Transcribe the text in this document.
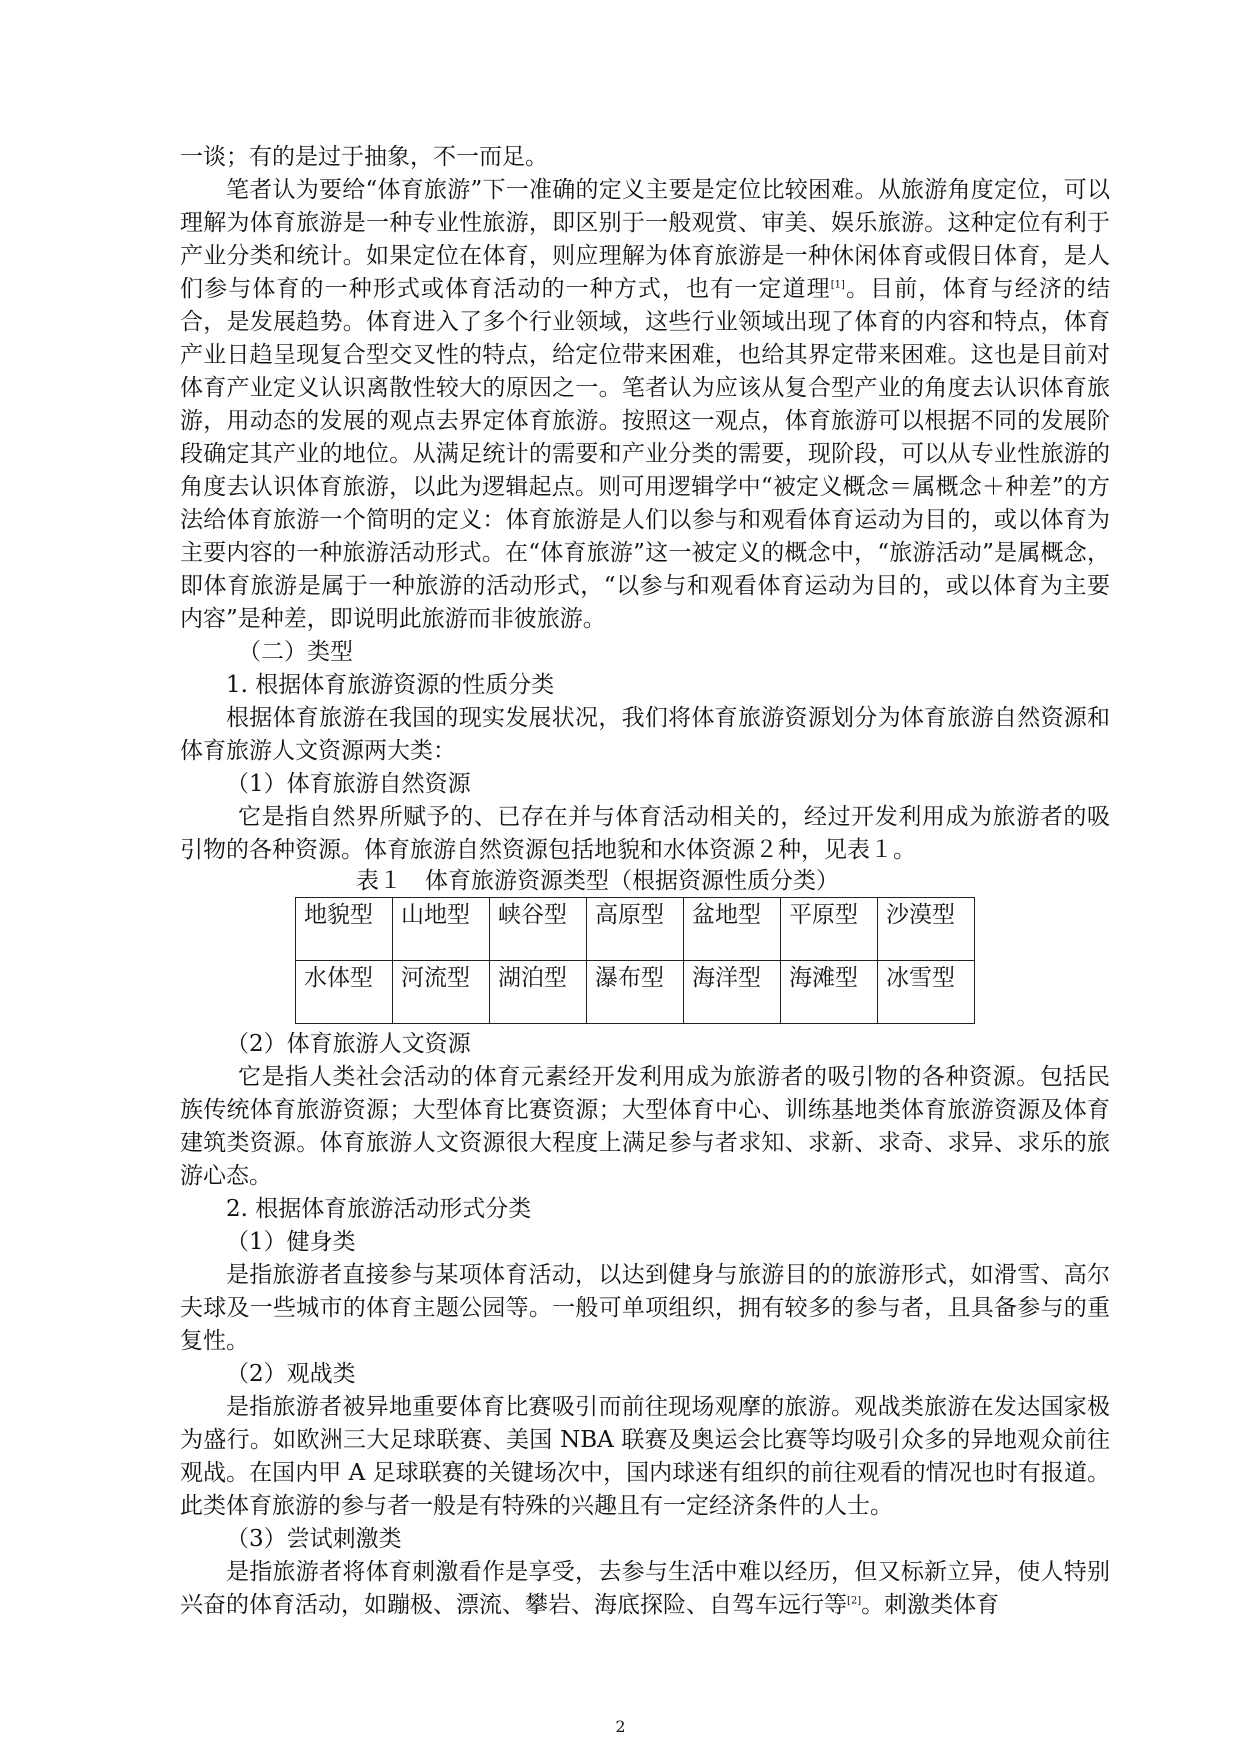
一谈；有的是过于抽象，不一而足。

笔者认为要给“体育旅游”下一准确的定义主要是定位比较困难。从旅游角度定位，可以理解为体育旅游是一种专业性旅游，即区别于一般观赏、审美、娱乐旅游。这种定位有利于产业分类和统计。如果定位在体育，则应理解为体育旅游是一种休闲体育或假日体育，是人们参与体育的一种形式或体育活动的一种方式，也有一定道理[1]。目前，体育与经济的结合，是发展趋势。体育进入了多个行业领域，这些行业领域出现了体育的内容和特点，体育产业日趋呈现复合型交叉性的特点，给定位带来困难，也给其界定带来困难。这也是目前对体育产业定义认识离散性较大的原因之一。笔者认为应该从复合型产业的角度去认识体育旅游，用动态的发展的观点去界定体育旅游。按照这一观点，体育旅游可以根据不同的发展阶段确定其产业的地位。从满足统计的需要和产业分类的需要，现阶段，可以从专业性旅游的角度去认识体育旅游，以此为逻辑起点。则可用逻辑学中“被定义概念＝属概念＋种差”的方法给体育旅游一个简明的定义：体育旅游是人们以参与和观看体育运动为目的，或以体育为主要内容的一种旅游活动形式。在“体育旅游”这一被定义的概念中，“旅游活动”是属概念，即体育旅游是属于一种旅游的活动形式，“以参与和观看体育运动为目的，或以体育为主要内容”是种差，即说明此旅游而非彼旅游。

（二）类型

1. 根据体育旅游资源的性质分类

根据体育旅游在我国的现实发展状况，我们将体育旅游资源划分为体育旅游自然资源和体育旅游人文资源两大类：

（1）体育旅游自然资源

它是指自然界所赋予的、已存在并与体育活动相关的，经过开发利用成为旅游者的吸引物的各种资源。体育旅游自然资源包括地貌和水体资源２种，见表１。

表１　体育旅游资源类型（根据资源性质分类）

地貌型	山地型	峡谷型	高原型	盆地型	平原型	沙漠型
水体型	河流型	湖泊型	瀑布型	海洋型	海滩型	冰雪型

（2）体育旅游人文资源

它是指人类社会活动的体育元素经开发利用成为旅游者的吸引物的各种资源。包括民族传统体育旅游资源；大型体育比赛资源；大型体育中心、训练基地类体育旅游资源及体育建筑类资源。体育旅游人文资源很大程度上满足参与者求知、求新、求奇、求异、求乐的旅游心态。

2. 根据体育旅游活动形式分类

（1）健身类

是指旅游者直接参与某项体育活动，以达到健身与旅游目的的旅游形式，如滑雪、高尔夫球及一些城市的体育主题公园等。一般可单项组织，拥有较多的参与者，且具备参与的重复性。

（2）观战类

是指旅游者被异地重要体育比赛吸引而前往现场观摩的旅游。观战类旅游在发达国家极为盛行。如欧洲三大足球联赛、美国 NBA 联赛及奥运会比赛等均吸引众多的异地观众前往观战。在国内甲 A 足球联赛的关键场次中，国内球迷有组织的前往观看的情况也时有报道。此类体育旅游的参与者一般是有特殊的兴趣且有一定经济条件的人士。

（3）尝试刺激类

是指旅游者将体育刺激看作是享受，去参与生活中难以经历，但又标新立异，使人特别兴奋的体育活动，如蹦极、漂流、攀岩、海底探险、自驾车远行等[2]。刺激类体育

2
